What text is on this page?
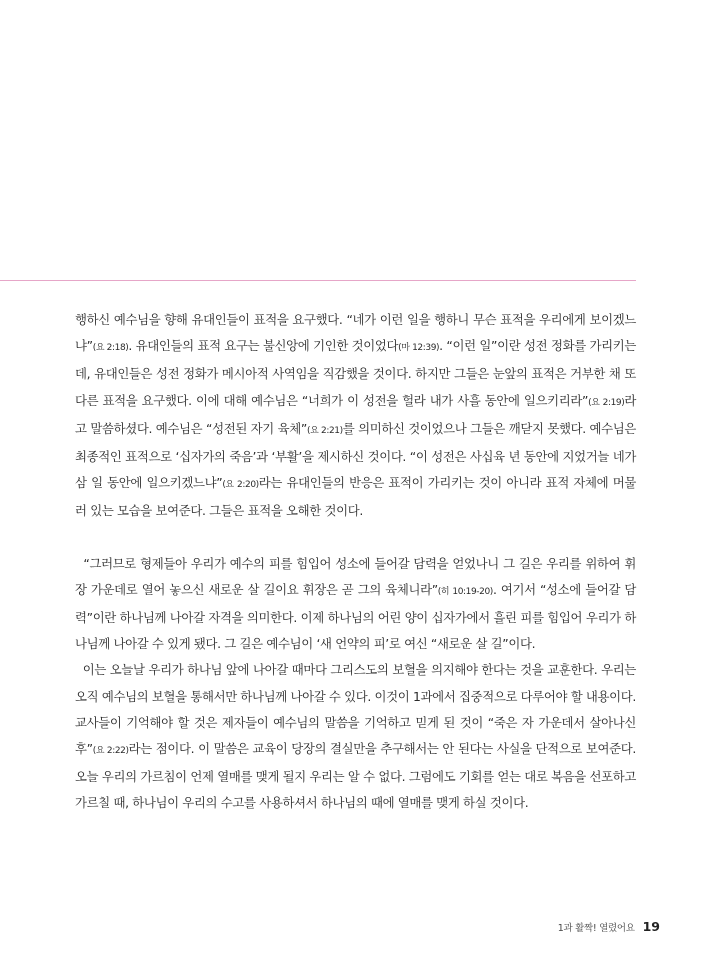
행하신 예수님을 향해 유대인들이 표적을 요구했다. “네가 이런 일을 행하니 무슨 표적을 우리에게 보이겠느냐”(요 2:18). 유대인들의 표적 요구는 불신앙에 기인한 것이었다(마 12:39). “이런 일”이란 성전 정화를 가리키는데, 유대인들은 성전 정화가 메시아적 사역임을 직감했을 것이다. 하지만 그들은 눈앞의 표적은 거부한 채 또 다른 표적을 요구했다. 이에 대해 예수님은 “너희가 이 성전을 헐라 내가 사흘 동안에 일으키리라”(요 2:19)라고 말씀하셨다. 예수님은 “성전된 자기 육체”(요 2:21)를 의미하신 것이었으나 그들은 깨닫지 못했다. 예수님은 최종적인 표적으로 ‘십자가의 죽음’과 ‘부활’을 제시하신 것이다. “이 성전은 사십육 년 동안에 지었거늘 네가 삼 일 동안에 일으키겠느냐”(요 2:20)라는 유대인들의 반응은 표적이 가리키는 것이 아니라 표적 자체에 머물러 있는 모습을 보여준다. 그들은 표적을 오해한 것이다.

“그러므로 형제들아 우리가 예수의 피를 힘입어 성소에 들어갈 담력을 얻었나니 그 길은 우리를 위하여 휘장 가운데로 열어 놓으신 새로운 살 길이요 휘장은 곧 그의 육체니라”(히 10:19-20). 여기서 “성소에 들어갈 담력”이란 하나님께 나아갈 자격을 의미한다. 이제 하나님의 어린 양이 십자가에서 흘린 피를 힘입어 우리가 하나님께 나아갈 수 있게 됐다. 그 길은 예수님이 ‘새 언약의 피’로 여신 “새로운 살 길”이다.

이는 오늘날 우리가 하나님 앞에 나아갈 때마다 그리스도의 보혈을 의지해야 한다는 것을 교훈한다. 우리는 오직 예수님의 보혈을 통해서만 하나님께 나아갈 수 있다. 이것이 1과에서 집중적으로 다루어야 할 내용이다. 교사들이 기억해야 할 것은 제자들이 예수님의 말씀을 기억하고 믿게 된 것이 “죽은 자 가운데서 살아나신 후”(요 2:22)라는 점이다. 이 말씀은 교육이 당장의 결실만을 추구해서는 안 된다는 사실을 단적으로 보여준다. 오늘 우리의 가르침이 언제 열매를 맺게 될지 우리는 알 수 없다. 그럼에도 기회를 얻는 대로 복음을 선포하고 가르칠 때, 하나님이 우리의 수고를 사용하셔서 하나님의 때에 열매를 맺게 하실 것이다.

1과 활짝! 열렸어요 19
